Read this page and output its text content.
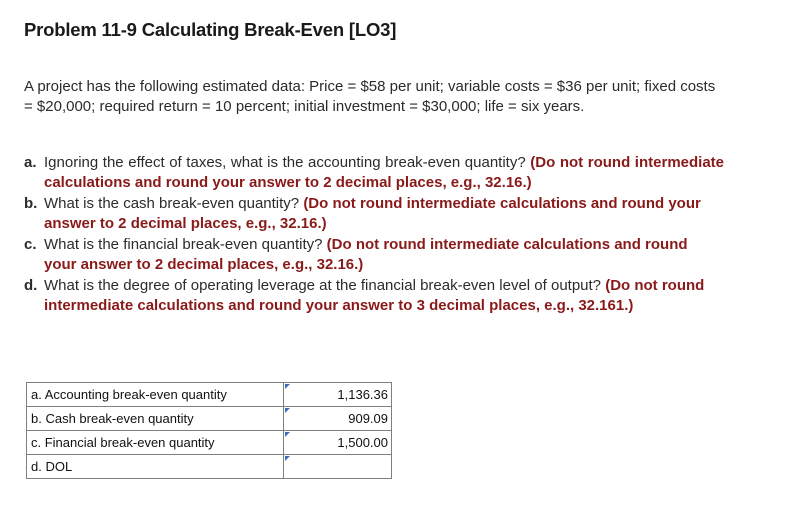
Problem 11-9 Calculating Break-Even [LO3]
A project has the following estimated data: Price = $58 per unit; variable costs = $36 per unit; fixed costs = $20,000; required return = 10 percent; initial investment = $30,000; life = six years.
a. Ignoring the effect of taxes, what is the accounting break-even quantity? (Do not round intermediate calculations and round your answer to 2 decimal places, e.g., 32.16.)
b. What is the cash break-even quantity? (Do not round intermediate calculations and round your answer to 2 decimal places, e.g., 32.16.)
c. What is the financial break-even quantity? (Do not round intermediate calculations and round your answer to 2 decimal places, e.g., 32.16.)
d. What is the degree of operating leverage at the financial break-even level of output? (Do not round intermediate calculations and round your answer to 3 decimal places, e.g., 32.161.)
a. Accounting break-even quantity	1,136.36

b. Cash break-even quantity	909.09

c. Financial break-even quantity	1,500.00

d. DOL	
